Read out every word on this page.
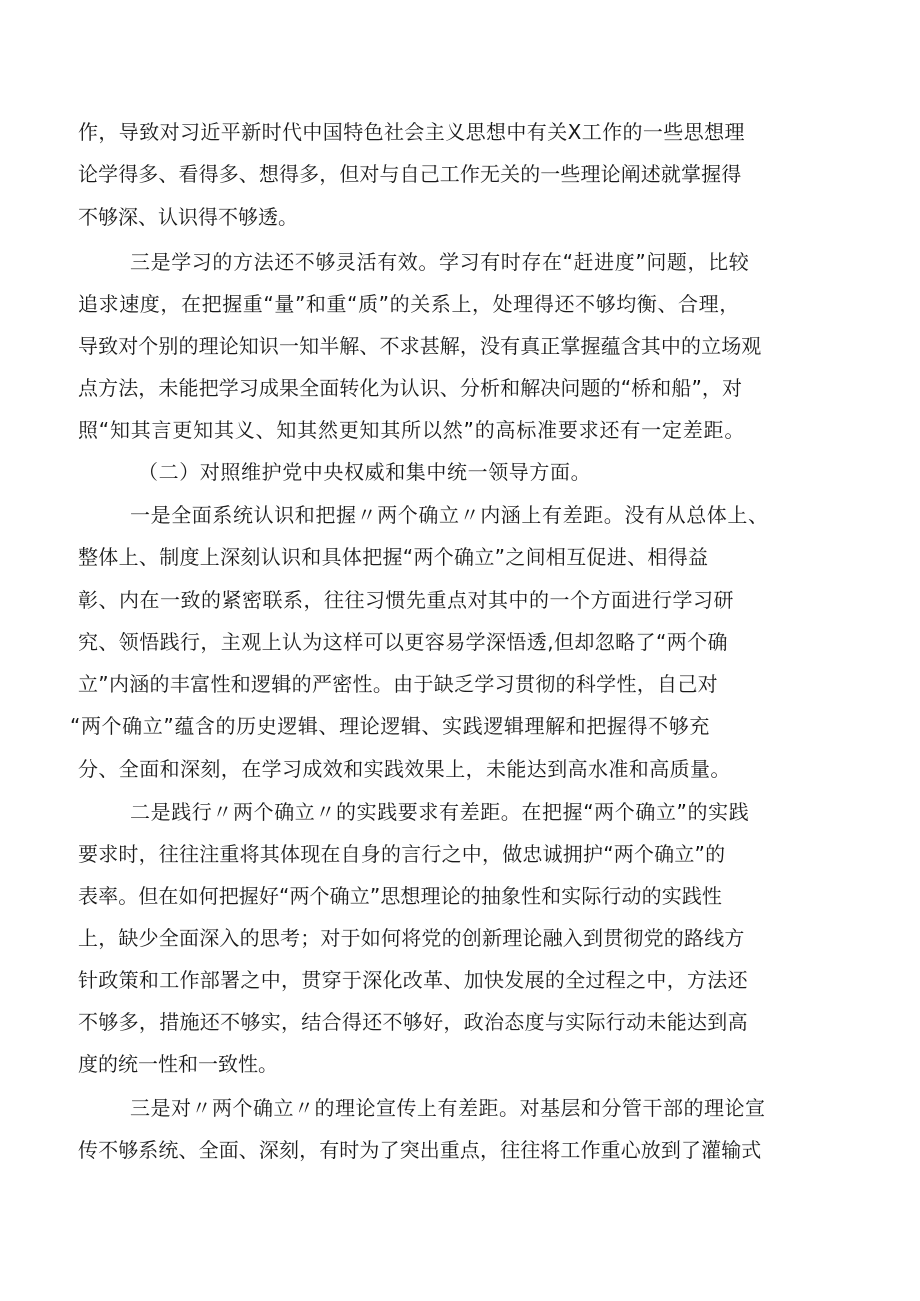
作，导致对习近平新时代中国特色社会主义思想中有关X工作的一些思想理

论学得多、看得多、想得多，但对与自己工作无关的一些理论阐述就掌握得

不够深、认识得不够透。

三是学习的方法还不够灵活有效。学习有时存在“赶进度”问题，比较

追求速度，在把握重“量”和重“质”的关系上，处理得还不够均衡、合理，

导致对个别的理论知识一知半解、不求甚解，没有真正掌握蕴含其中的立场观

点方法，未能把学习成果全面转化为认识、分析和解决问题的“桥和船”，对

照“知其言更知其义、知其然更知其所以然”的高标准要求还有一定差距。

（二）对照维护党中央权威和集中统一领导方面。

一是全面系统认识和把握〃两个确立〃内涵上有差距。没有从总体上、

整体上、制度上深刻认识和具体把握“两个确立”之间相互促进、相得益

彰、内在一致的紧密联系，往往习惯先重点对其中的一个方面进行学习研

究、领悟践行，主观上认为这样可以更容易学深悟透,但却忽略了“两个确

立”内涵的丰富性和逻辑的严密性。由于缺乏学习贯彻的科学性，自己对

“两个确立”蕴含的历史逻辑、理论逻辑、实践逻辑理解和把握得不够充

分、全面和深刻，在学习成效和实践效果上，未能达到高水准和高质量。

二是践行〃两个确立〃的实践要求有差距。在把握“两个确立”的实践

要求时，往往注重将其体现在自身的言行之中，做忠诚拥护“两个确立”的

表率。但在如何把握好“两个确立”思想理论的抽象性和实际行动的实践性

上，缺少全面深入的思考；对于如何将党的创新理论融入到贯彻党的路线方

针政策和工作部署之中，贯穿于深化改革、加快发展的全过程之中，方法还

不够多，措施还不够实，结合得还不够好，政治态度与实际行动未能达到高

度的统一性和一致性。

三是对〃两个确立〃的理论宣传上有差距。对基层和分管干部的理论宣

传不够系统、全面、深刻，有时为了突出重点，往往将工作重心放到了灌输式
